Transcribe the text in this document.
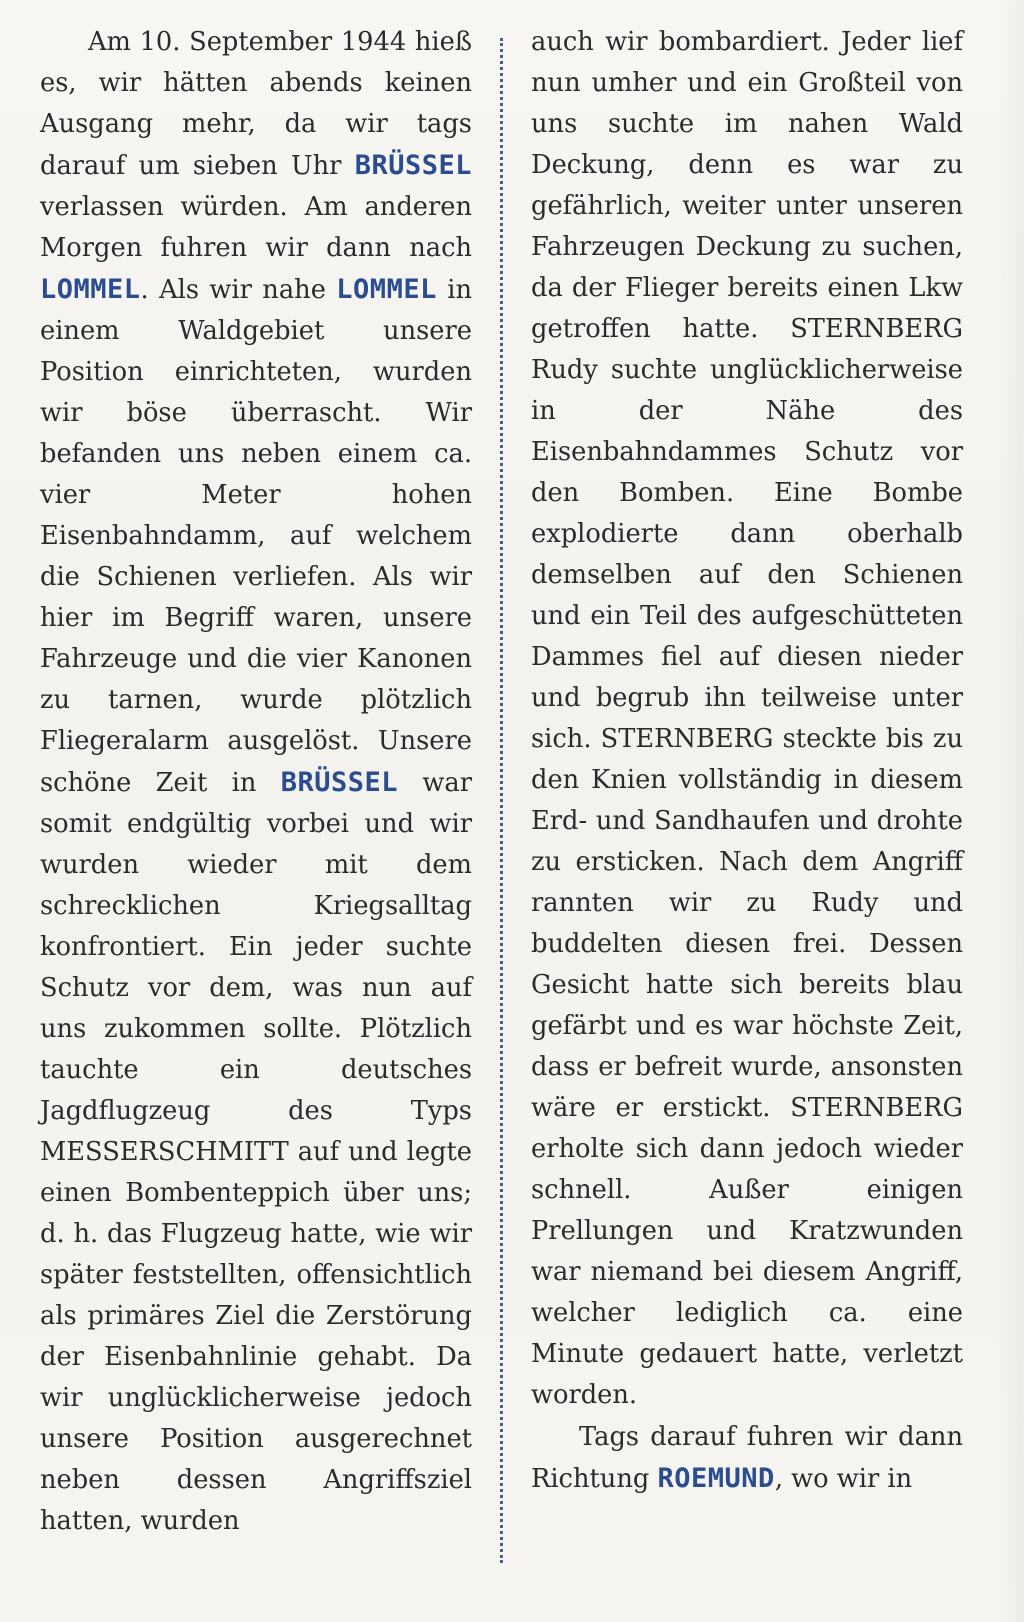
Am 10. September 1944 hieß es, wir hätten abends keinen Ausgang mehr, da wir tags darauf um sieben Uhr BRÜSSEL verlassen würden. Am anderen Morgen fuhren wir dann nach LOMMEL. Als wir nahe LOMMEL in einem Waldgebiet unsere Position einrichteten, wurden wir böse überrascht. Wir befanden uns neben einem ca. vier Meter hohen Eisenbahndamm, auf welchem die Schienen verliefen. Als wir hier im Begriff waren, unsere Fahrzeuge und die vier Kanonen zu tarnen, wurde plötzlich Fliegeralarm ausgelöst. Unsere schöne Zeit in BRÜSSEL war somit endgültig vorbei und wir wurden wieder mit dem schrecklichen Kriegsalltag konfrontiert. Ein jeder suchte Schutz vor dem, was nun auf uns zukommen sollte. Plötzlich tauchte ein deutsches Jagdflugzeug des Typs MESSERSCHMITT auf und legte einen Bombenteppich über uns; d. h. das Flugzeug hatte, wie wir später feststellten, offensichtlich als primäres Ziel die Zerstörung der Eisenbahnlinie gehabt. Da wir unglücklicherweise jedoch unsere Position ausgerechnet neben dessen Angriffsziel hatten, wurden

auch wir bombardiert. Jeder lief nun umher und ein Großteil von uns suchte im nahen Wald Deckung, denn es war zu gefährlich, weiter unter unseren Fahrzeugen Deckung zu suchen, da der Flieger bereits einen Lkw getroffen hatte. STERNBERG Rudy suchte unglücklicherweise in der Nähe des Eisenbahndammes Schutz vor den Bomben. Eine Bombe explodierte dann oberhalb demselben auf den Schienen und ein Teil des aufgeschütteten Dammes fiel auf diesen nieder und begrub ihn teilweise unter sich. STERNBERG steckte bis zu den Knien vollständig in diesem Erd- und Sandhaufen und drohte zu ersticken. Nach dem Angriff rannten wir zu Rudy und buddelten diesen frei. Dessen Gesicht hatte sich bereits blau gefärbt und es war höchste Zeit, dass er befreit wurde, ansonsten wäre er erstickt. STERNBERG erholte sich dann jedoch wieder schnell. Außer einigen Prellungen und Kratzwunden war niemand bei diesem Angriff, welcher lediglich ca. eine Minute gedauert hatte, verletzt worden.

Tags darauf fuhren wir dann Richtung ROEMUND, wo wir in
